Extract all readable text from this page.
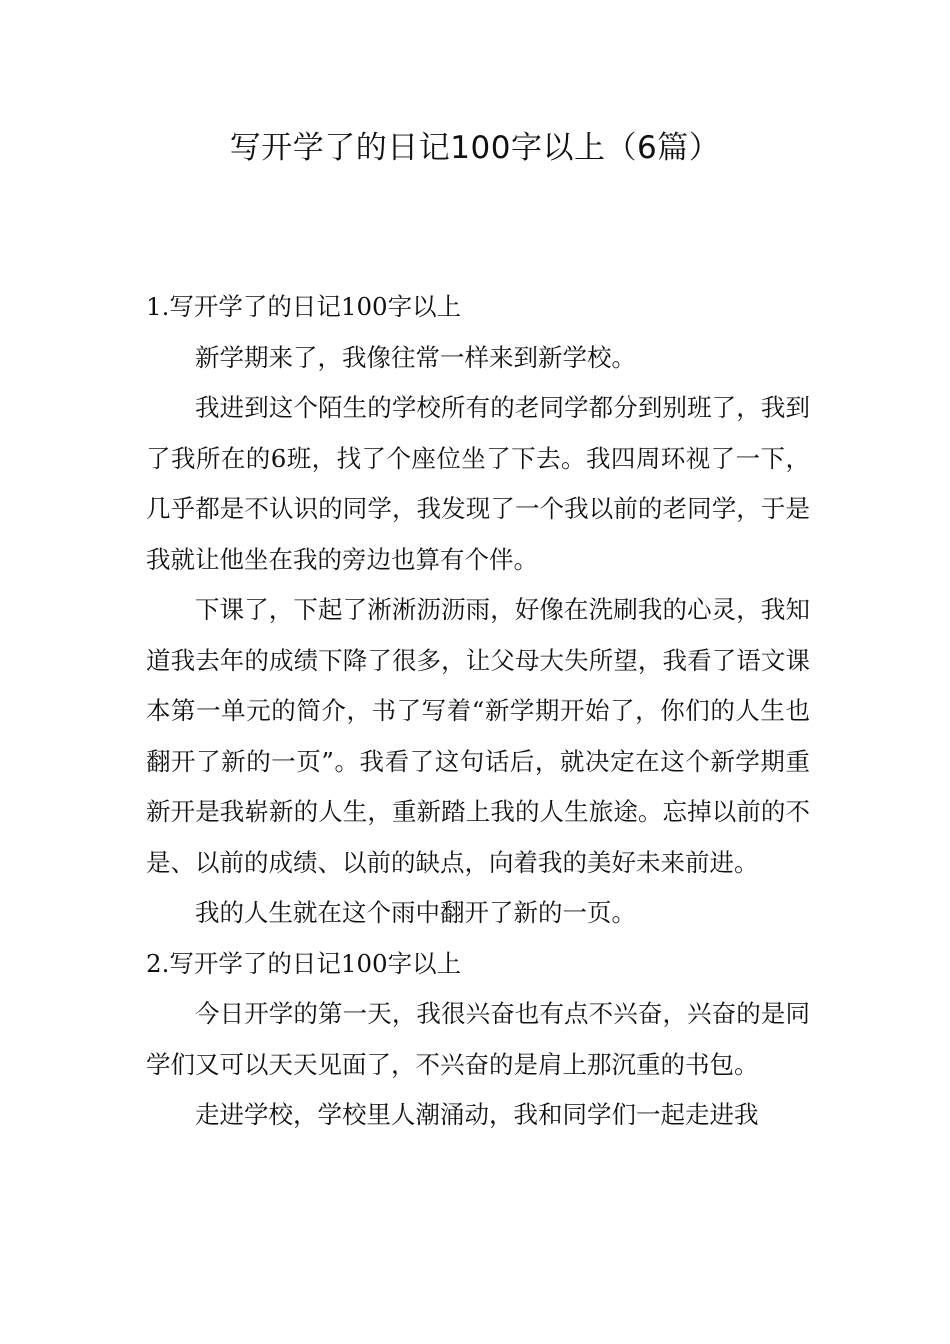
写开学了的日记100字以上（6篇）

1.写开学了的日记100字以上

新学期来了，我像往常一样来到新学校。

我进到这个陌生的学校所有的老同学都分到别班了，我到了我所在的6班，找了个座位坐了下去。我四周环视了一下，几乎都是不认识的同学，我发现了一个我以前的老同学，于是我就让他坐在我的旁边也算有个伴。

下课了，下起了淅淅沥沥雨，好像在洗刷我的心灵，我知道我去年的成绩下降了很多，让父母大失所望，我看了语文课本第一单元的简介，书了写着“新学期开始了，你们的人生也翻开了新的一页”。我看了这句话后，就决定在这个新学期重新开是我崭新的人生，重新踏上我的人生旅途。忘掉以前的不是、以前的成绩、以前的缺点，向着我的美好未来前进。

我的人生就在这个雨中翻开了新的一页。

2.写开学了的日记100字以上

今日开学的第一天，我很兴奋也有点不兴奋，兴奋的是同学们又可以天天见面了，不兴奋的是肩上那沉重的书包。

走进学校，学校里人潮涌动，我和同学们一起走进我
